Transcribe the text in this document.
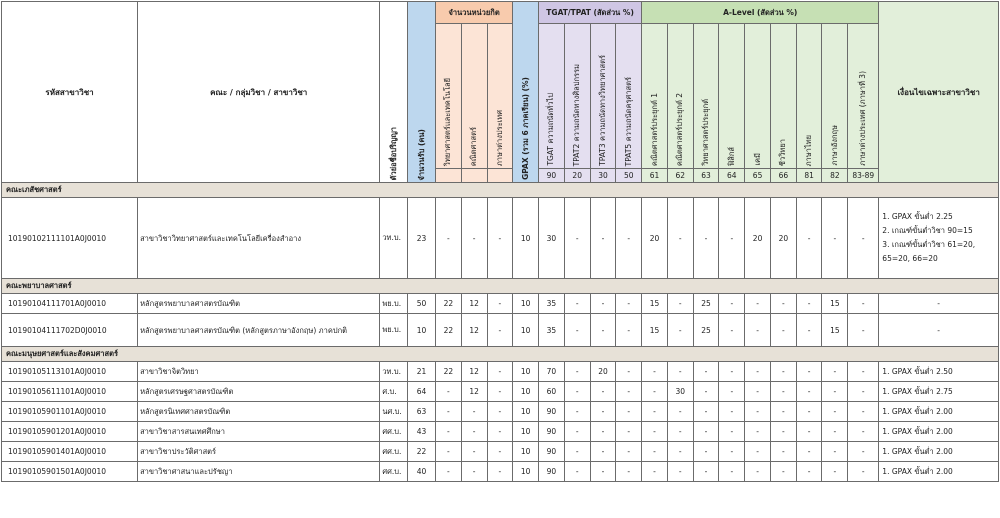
รหัสสาขาวิชา	คณะ / กลุ่มวิชา / สาขาวิชา	ตัวย่อชื่อปริญญา	จำนวนรับ (คน)	จำนวนหน่วยกิต			GPAX (รวม 6 ภาคเรียน) (%)	TGAT/TPAT (สัดส่วน %)				A-Level (สัดส่วน %)									เงื่อนไขเฉพาะสาขาวิชา

				วิทยาศาสตร์และเทคโนโลยี	คณิตศาสตร์	ภาษาต่างประเทศ		TGAT ความถนัดทั่วไป	TPAT2 ความถนัดทางศิลปกรรม	TPAT3 ความถนัดทางวิทยาศาสตร์	TPAT5 ความถนัดครุศาสตร์	คณิตศาสตร์ประยุกต์ 1	คณิตศาสตร์ประยุกต์ 2	วิทยาศาสตร์ประยุกต์	ฟิสิกส์	เคมี	ชีววิทยา	ภาษาไทย	ภาษาอังกฤษ	ภาษาต่างประเทศ (ภาษาที่ 3)	

								90	20	30	50	61	62	63	64	65	66	81	82	83-89	
คณะเภสัชศาสตร์																					
10190102111101A0J0010	สาขาวิชาวิทยาศาสตร์และเทคโนโลยีเครื่องสำอาง	วท.บ.	23	-	-	-	10	30	-	-	-	20	-	-	-	20	20	-	-	-	1. GPAX ขั้นต่ำ 2.25
2. เกณฑ์ขั้นต่ำวิชา 90=15
3. เกณฑ์ขั้นต่ำวิชา 61=20, 65=20, 66=20
คณะพยาบาลศาสตร์																					
10190104111701A0J0010	หลักสูตรพยาบาลศาสตรบัณฑิต	พย.บ.	50	22	12	-	10	35	-	-	-	15	-	25	-	-	-	-	15	-	-
10190104111702D0J0010	หลักสูตรพยาบาลศาสตรบัณฑิต (หลักสูตรภาษาอังกฤษ) ภาคปกติ	พย.บ.	10	22	12	-	10	35	-	-	-	15	-	25	-	-	-	-	15	-	-
คณะมนุษยศาสตร์และสังคมศาสตร์																					
10190105113101A0J0010	สาขาวิชาจิตวิทยา	วท.บ.	21	22	12	-	10	70	-	20	-	-	-	-	-	-	-	-	-	-	1. GPAX ขั้นต่ำ 2.50
10190105611101A0J0010	หลักสูตรเศรษฐศาสตรบัณฑิต	ศ.บ.	64	-	12	-	10	60	-	-	-	-	30	-	-	-	-	-	-	-	1. GPAX ขั้นต่ำ 2.75
10190105901101A0J0010	หลักสูตรนิเทศศาสตรบัณฑิต	นศ.บ.	63	-	-	-	10	90	-	-	-	-	-	-	-	-	-	-	-	-	1. GPAX ขั้นต่ำ 2.00
10190105901201A0J0010	สาขาวิชาสารสนเทศศึกษา	ศศ.บ.	43	-	-	-	10	90	-	-	-	-	-	-	-	-	-	-	-	-	1. GPAX ขั้นต่ำ 2.00
10190105901401A0J0010	สาขาวิชาประวัติศาสตร์	ศศ.บ.	22	-	-	-	10	90	-	-	-	-	-	-	-	-	-	-	-	-	1. GPAX ขั้นต่ำ 2.00
10190105901501A0J0010	สาขาวิชาศาสนาและปรัชญา	ศศ.บ.	40	-	-	-	10	90	-	-	-	-	-	-	-	-	-	-	-	-	1. GPAX ขั้นต่ำ 2.00
